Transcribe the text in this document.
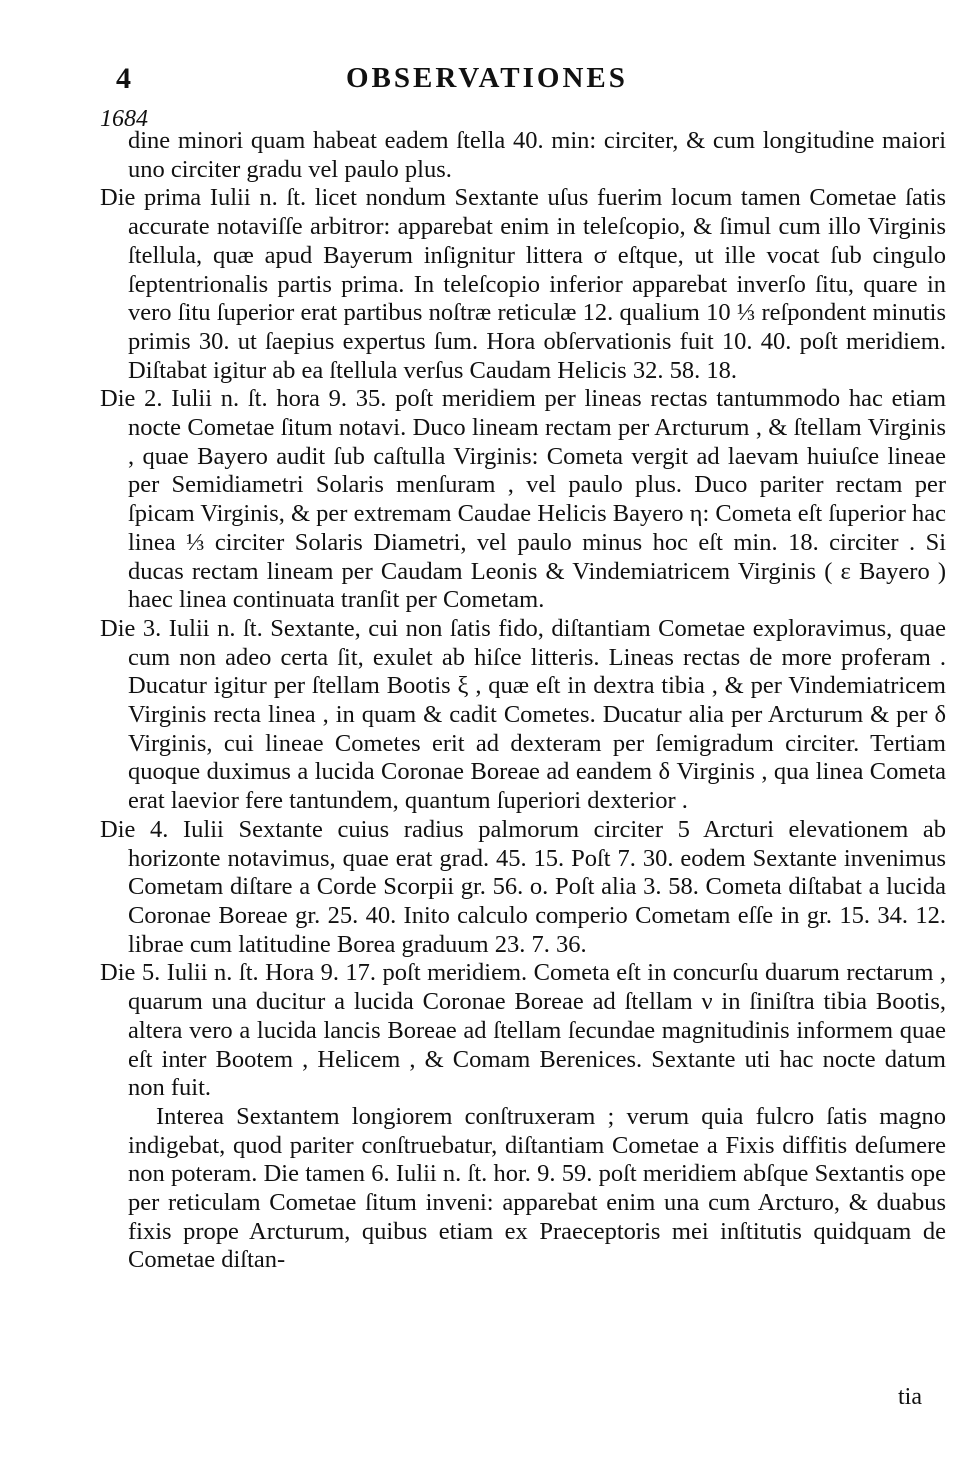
4	OBSERVATIONES
1684

dine minori quam habeat eadem ſtella 40. min: circiter, & cum longitudine maiori uno circiter gradu vel paulo plus.

Die prima Iulii n. ſt. licet nondum Sextante uſus fuerim locum tamen Cometae ſatis accurate notaviſſe arbitror: apparebat enim in teleſcopio, & ſimul cum illo Virginis ſtellula, quæ apud Bayerum inſignitur littera σ eſtque, ut ille vocat ſub cingulo ſeptentrionalis partis prima. In teleſcopio inferior apparebat inverſo ſitu, quare in vero ſitu ſuperior erat partibus noſtræ reticulæ 12. qualium 10 ⅓ reſpondent minutis primis 30. ut ſaepius expertus ſum. Hora obſervationis fuit 10. 40. poſt meridiem. Diſtabat igitur ab ea ſtellula verſus Caudam Helicis 32. 58. 18.

Die 2. Iulii n. ſt. hora 9. 35. poſt meridiem per lineas rectas tantummodo hac etiam nocte Cometae ſitum notavi. Duco lineam rectam per Arcturum , & ſtellam Virginis , quae Bayero audit ſub caſtulla Virginis: Cometa vergit ad laevam huiuſce lineae per Semidiametri Solaris menſuram , vel paulo plus. Duco pariter rectam per ſpicam Virginis, & per extremam Caudae Helicis Bayero η: Cometa eſt ſuperior hac linea ⅓ circiter Solaris Diametri, vel paulo minus hoc eſt min. 18. circiter . Si ducas rectam lineam per Caudam Leonis & Vindemiatricem Virginis ( ε Bayero ) haec linea continuata tranſit per Cometam.

Die 3. Iulii n. ſt. Sextante, cui non ſatis fido, diſtantiam Cometae exploravimus, quae cum non adeo certa ſit, exulet ab hiſce litteris. Lineas rectas de more proferam . Ducatur igitur per ſtellam Bootis ξ , quæ eſt in dextra tibia , & per Vindemiatricem Virginis recta linea , in quam & cadit Cometes. Ducatur alia per Arcturum & per δ Virginis, cui lineae Cometes erit ad dexteram per ſemigradum circiter. Tertiam quoque duximus a lucida Coronae Boreae ad eandem δ Virginis , qua linea Cometa erat laevior fere tantundem, quantum ſuperiori dexterior .

Die 4. Iulii Sextante cuius radius palmorum circiter 5 Arcturi elevationem ab horizonte notavimus, quae erat grad. 45. 15. Poſt 7. 30. eodem Sextante invenimus Cometam diſtare a Corde Scorpii gr. 56. o. Poſt alia 3. 58. Cometa diſtabat a lucida Coronae Boreae gr. 25. 40. Inito calculo comperio Cometam eſſe in gr. 15. 34. 12. librae cum latitudine Borea graduum 23. 7. 36.

Die 5. Iulii n. ſt. Hora 9. 17. poſt meridiem. Cometa eſt in concurſu duarum rectarum , quarum una ducitur a lucida Coronae Boreae ad ſtellam ν in ſiniſtra tibia Bootis, altera vero a lucida lancis Boreae ad ſtellam ſecundae magnitudinis informem quae eſt inter Bootem , Helicem , & Comam Berenices. Sextante uti hac nocte datum non fuit.

Interea Sextantem longiorem conſtruxeram ; verum quia fulcro ſatis magno indigebat, quod pariter conſtruebatur, diſtantiam Cometae a Fixis diffitis deſumere non poteram. Die tamen 6. Iulii n. ſt. hor. 9. 59. poſt meridiem abſque Sextantis ope per reticulam Cometae ſitum inveni: apparebat enim una cum Arcturo, & duabus fixis prope Arcturum, quibus etiam ex Praeceptoris mei inſtitutis quidquam de Cometae diſtan-

tia
